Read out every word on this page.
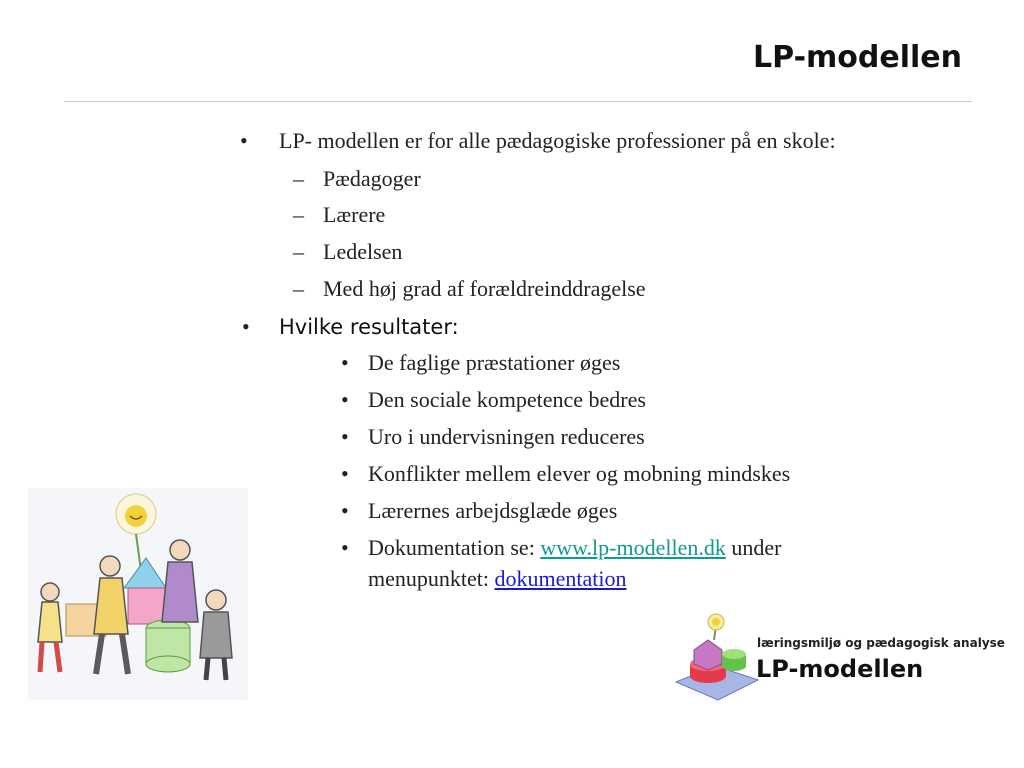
LP-modellen
• LP- modellen er for alle pædagogiske professioner på en skole:
– Pædagoger
– Lærere
– Ledelsen
– Med høj grad af forældreinddragelse
• Hvilke resultater:
• De faglige præstationer øges
• Den sociale kompetence bedres
• Uro i undervisningen reduceres
• Konflikter mellem elever og mobning mindskes
• Lærernes arbejdsglæde øges
• Dokumentation se: www.lp-modellen.dk under
menupunktet: dokumentation
læringsmiljø og pædagogisk analyse
LP-modellen
